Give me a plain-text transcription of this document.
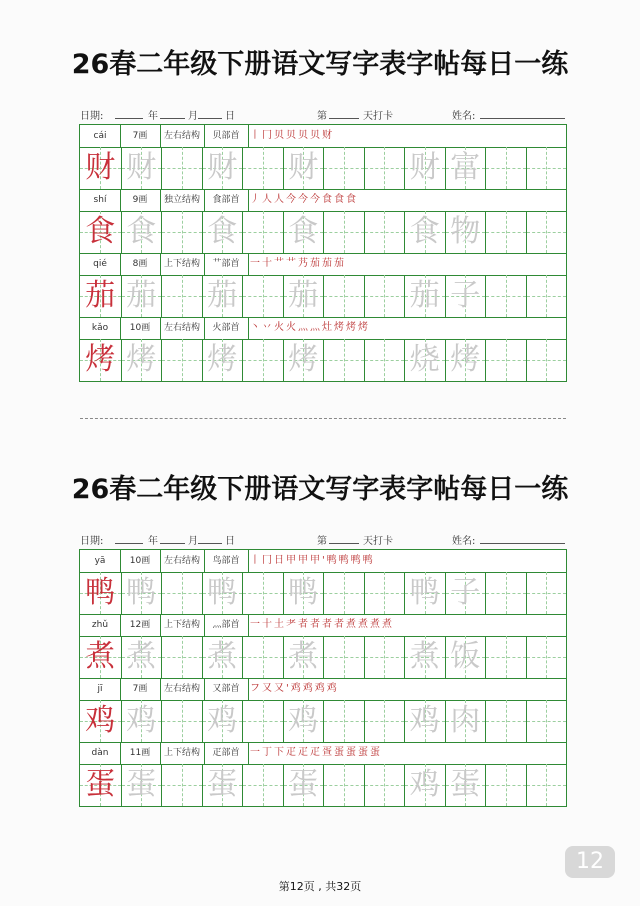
26春二年级下册语文写字表字帖每日一练
日期:	年	月	日	第	天打卡	姓名:
cái	7画	左右结构	贝部首	丨冂贝贝贝贝财
财 财 财 财	财 富
shí	9画	独立结构	食部首	丿人人今今今食食食
食 食 食 食	食 物
qié	8画	上下结构	艹部首	一十艹艹艿茄茄茄
茄 茄 茄 茄	茄 子
kǎo	10画	左右结构	火部首	丶丷火火灬灬灶烤烤烤
烤 烤 烤 烤	烧 烤
26春二年级下册语文写字表字帖每日一练
日期:	年	月	日	第	天打卡	姓名:
yā	10画	左右结构	鸟部首	丨冂日甲甲甲'鸭鸭鸭鸭
鸭 鸭 鸭 鸭	鸭 子
zhǔ	12画	上下结构	灬部首	一十土耂者者者者煮煮煮煮
煮 煮 煮 煮	煮 饭
jī	7画	左右结构	又部首	フ又又'鸡鸡鸡鸡
鸡 鸡 鸡 鸡	鸡 肉
dàn	11画	上下结构	疋部首	一丁下疋疋疋疍蛋蛋蛋蛋
蛋 蛋 蛋 蛋	鸡 蛋
12
第12页 , 共32页
